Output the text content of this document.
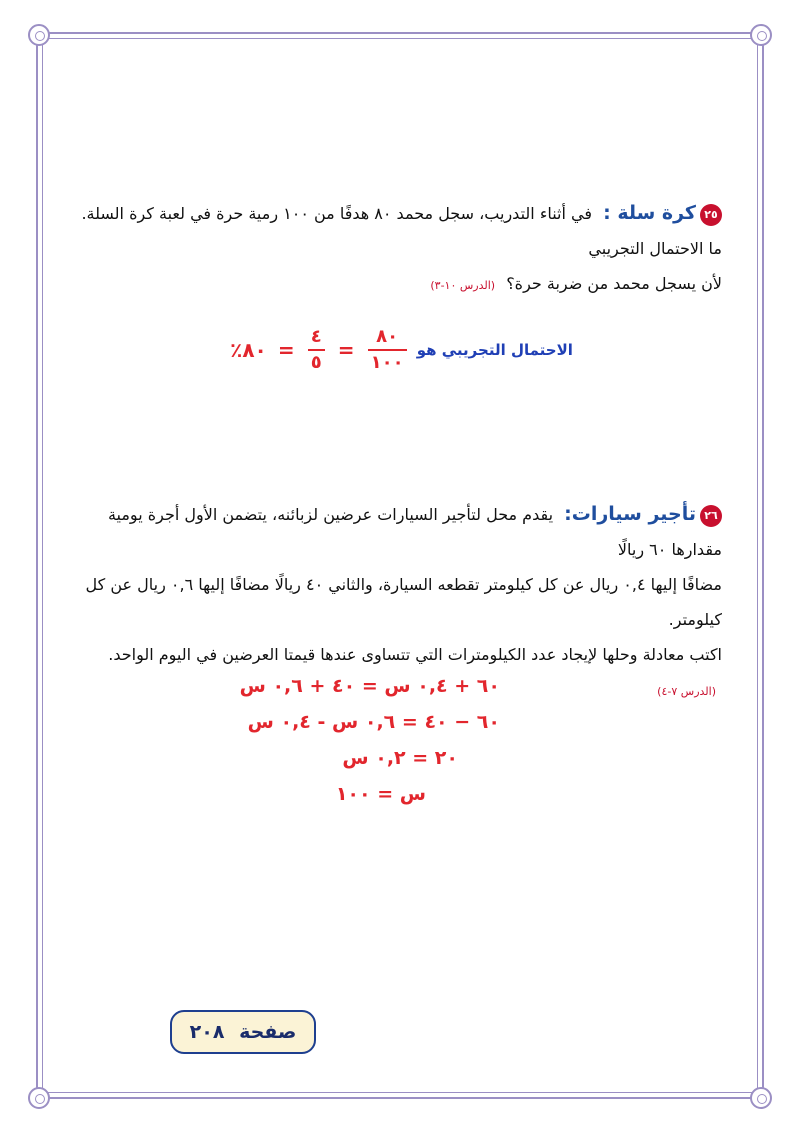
٢٥كرة سلة : في أثناء التدريب، سجل محمد ٨٠ هدفًا من ١٠٠ رمية حرة في لعبة كرة السلة. ما الاحتمال التجريبي
لأن يسجل محمد من ضربة حرة؟ (الدرس ١٠-٣)
الاحتمال التجريبي هو
$\frac{٨٠}{١٠٠}$
=
$\frac{٤}{٥}$
= ٨٠٪
٢٦تأجير سيارات: يقدم محل لتأجير السيارات عرضين لزبائنه، يتضمن الأول أجرة يومية مقدارها ٦٠ ريالًا
مضافًا إليها ٠,٤ ريال عن كل كيلومتر تقطعه السيارة، والثاني ٤٠ ريالًا مضافًا إليها ٠,٦ ريال عن كل كيلومتر.
اكتب معادلة وحلها لإيجاد عدد الكيلومترات التي تتساوى عندها قيمتا العرضين في اليوم الواحد. (الدرس ٧-٤)
٦٠ + ٠,٤ س = ٤٠ + ٠,٦ س
٦٠ − ٤٠ = ٠,٦ س - ٠,٤ س
٢٠ = ٠,٢ س
س = ١٠٠
صفحة ٢٠٨
